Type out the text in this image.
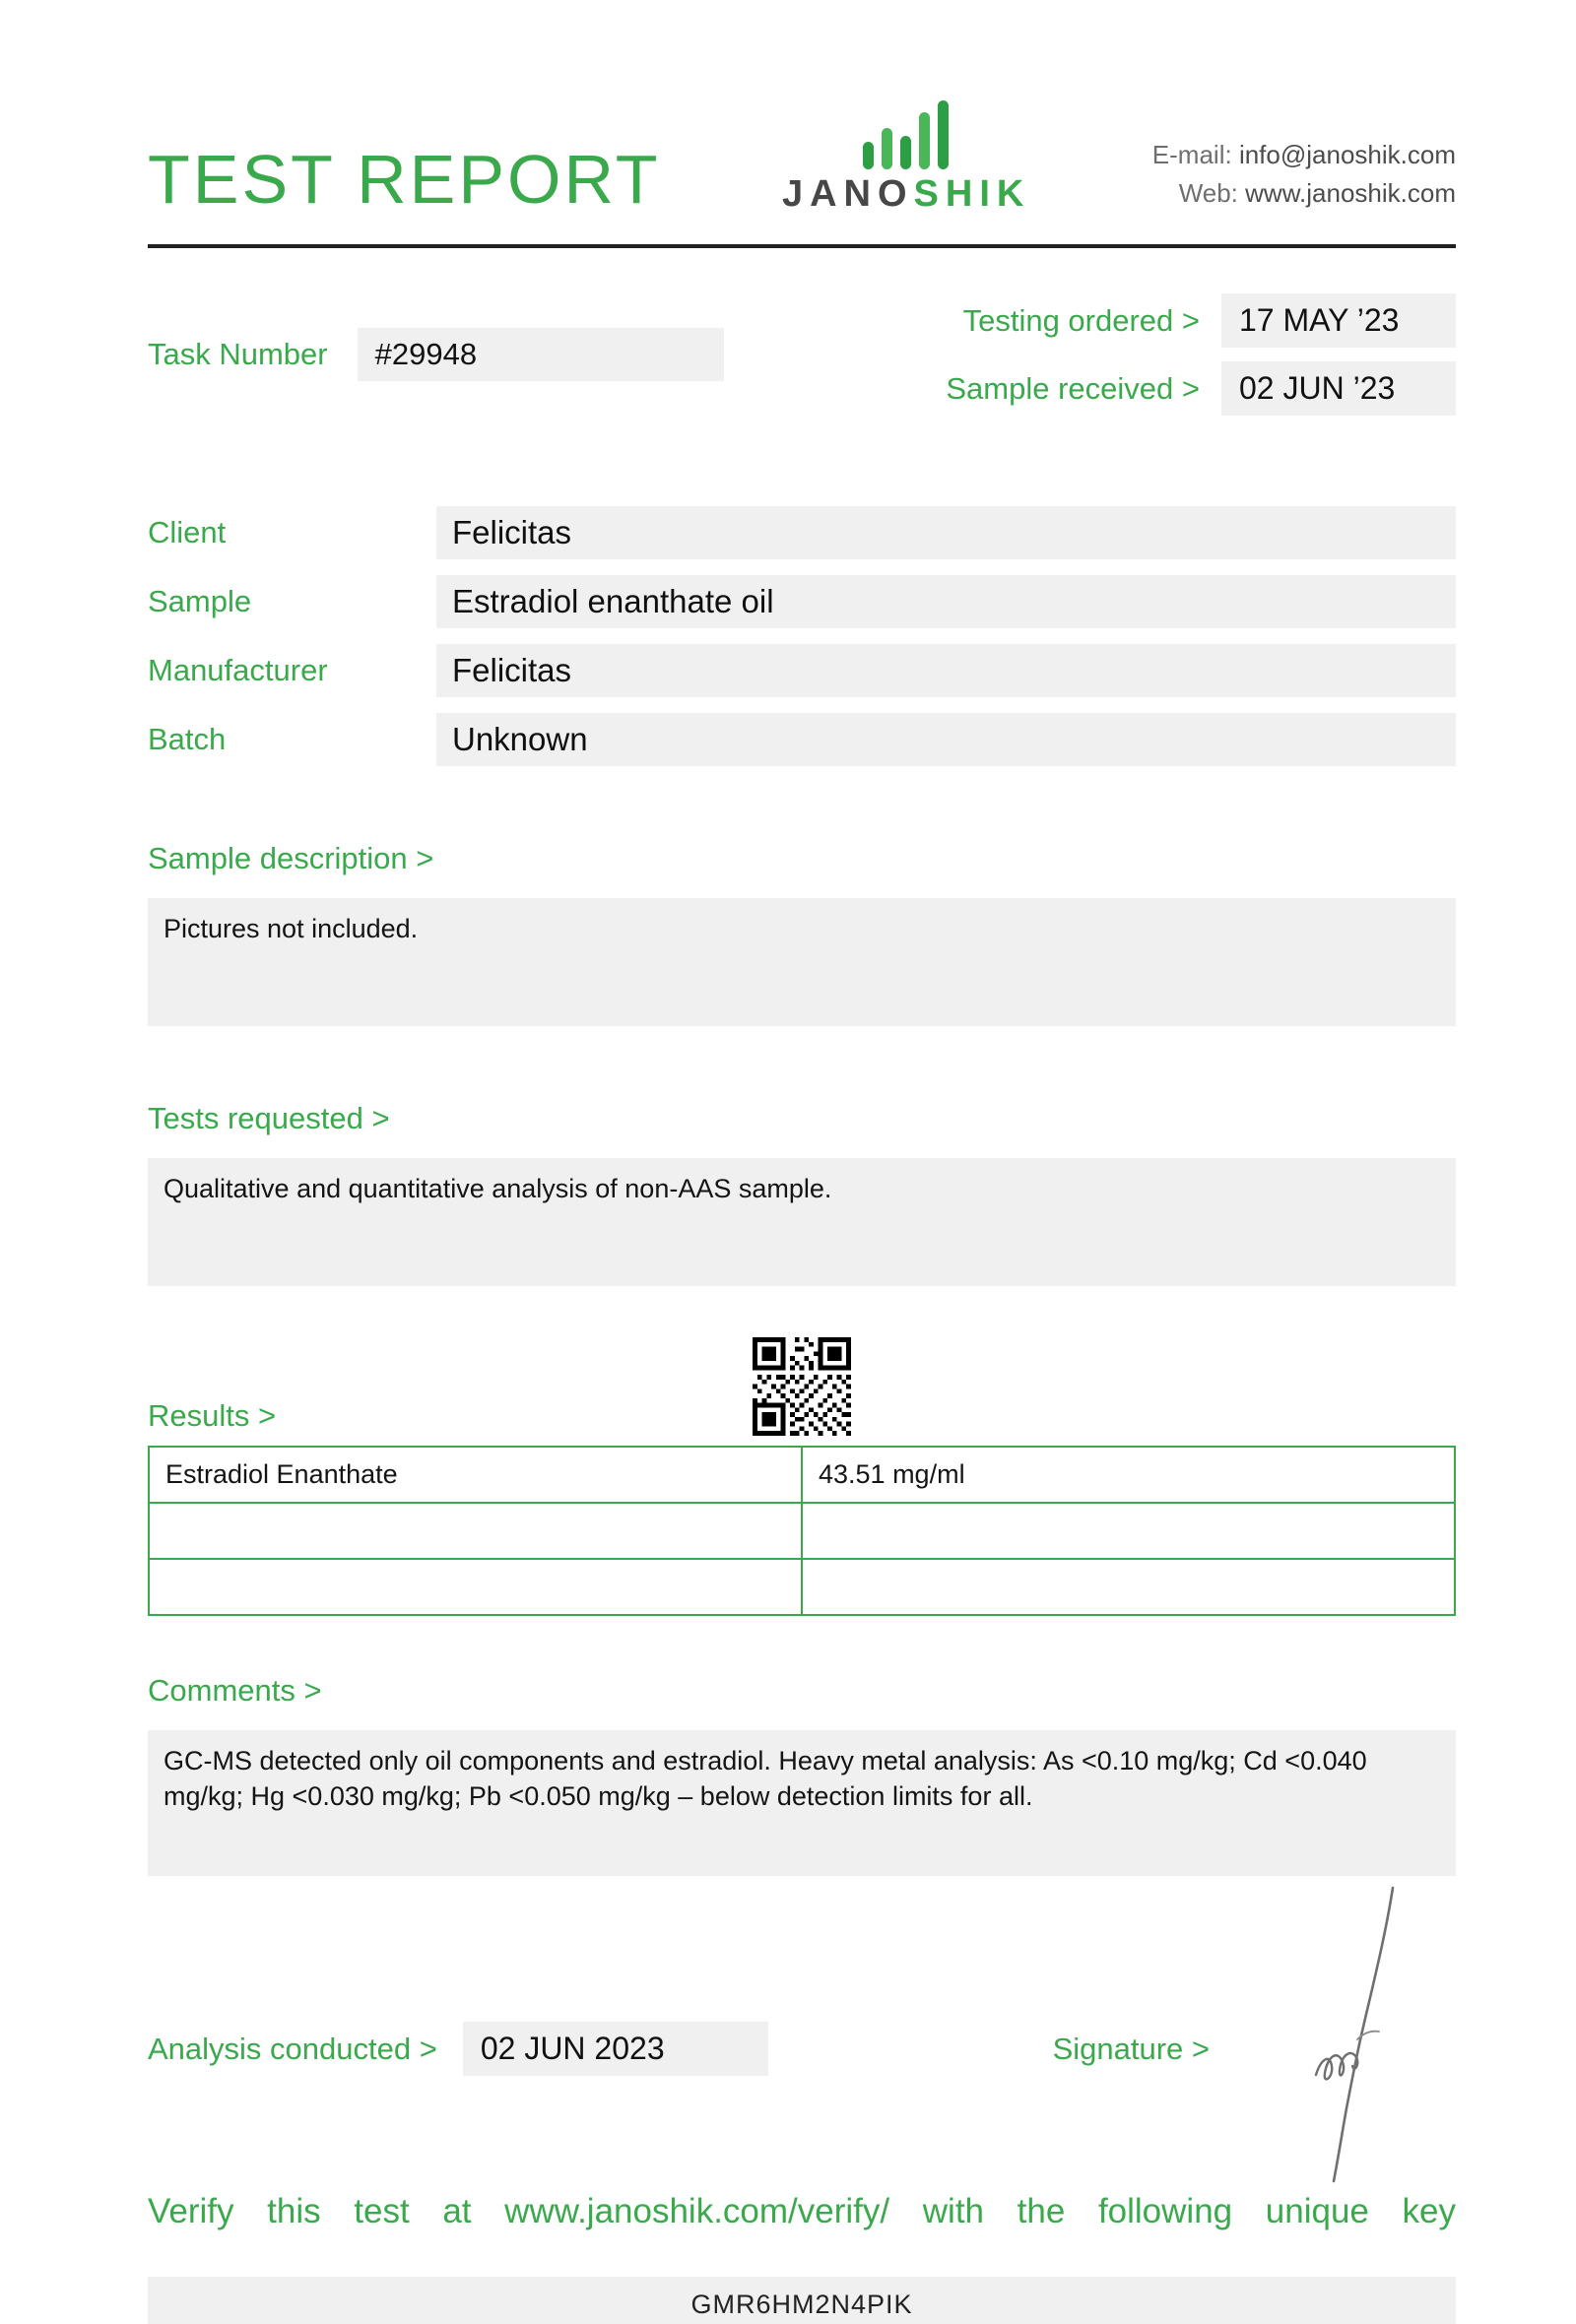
TEST REPORT	JANOSHIK
E-mail: info@janoshik.com
Web: www.janoshik.com
Task Number	#29948
Testing ordered >	17 MAY ’23
Sample received >	02 JUN ’23
Client	Felicitas
Sample	Estradiol enanthate oil
Manufacturer	Felicitas
Batch	Unknown
Sample description >
Pictures not included.
Tests requested >
Qualitative and quantitative analysis of non-AAS sample.
Results >
Estradiol Enanthate	43.51 mg/ml

Comments >
GC-MS detected only oil components and estradiol. Heavy metal analysis: As <0.10 mg/kg; Cd <0.040 mg/kg; Hg <0.030 mg/kg; Pb <0.050 mg/kg – below detection limits for all.
Analysis conducted >	02 JUN 2023	Signature >
Verify this test at www.janoshik.com/verify/ with the following unique key
GMR6HM2N4PIK
